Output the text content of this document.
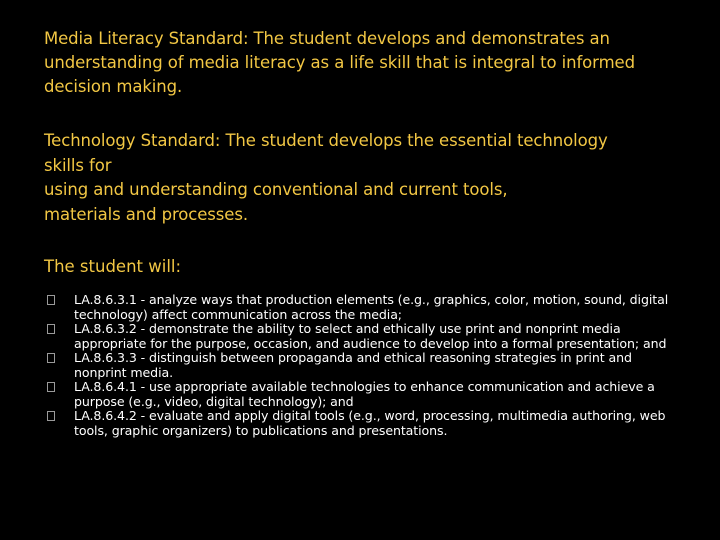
Media Literacy Standard: The student develops and demonstrates an understanding of media literacy as a life skill that is integral to informed decision making.
Technology Standard: The student develops the essential technology
skills for
using and understanding conventional and current tools,
materials and processes.
The student will:
LA.8.6.3.1 - analyze ways that production elements (e.g., graphics, color, motion, sound, digital technology) affect communication across the media;
LA.8.6.3.2 - demonstrate the ability to select and ethically use print and nonprint media appropriate for the purpose, occasion, and audience to develop into a formal presentation; and
LA.8.6.3.3 - distinguish between propaganda and ethical reasoning strategies in print and nonprint media.
LA.8.6.4.1 - use appropriate available technologies to enhance communication and achieve a purpose (e.g., video, digital technology); and
LA.8.6.4.2 - evaluate and apply digital tools (e.g., word, processing, multimedia authoring, web tools, graphic organizers) to publications and presentations.
